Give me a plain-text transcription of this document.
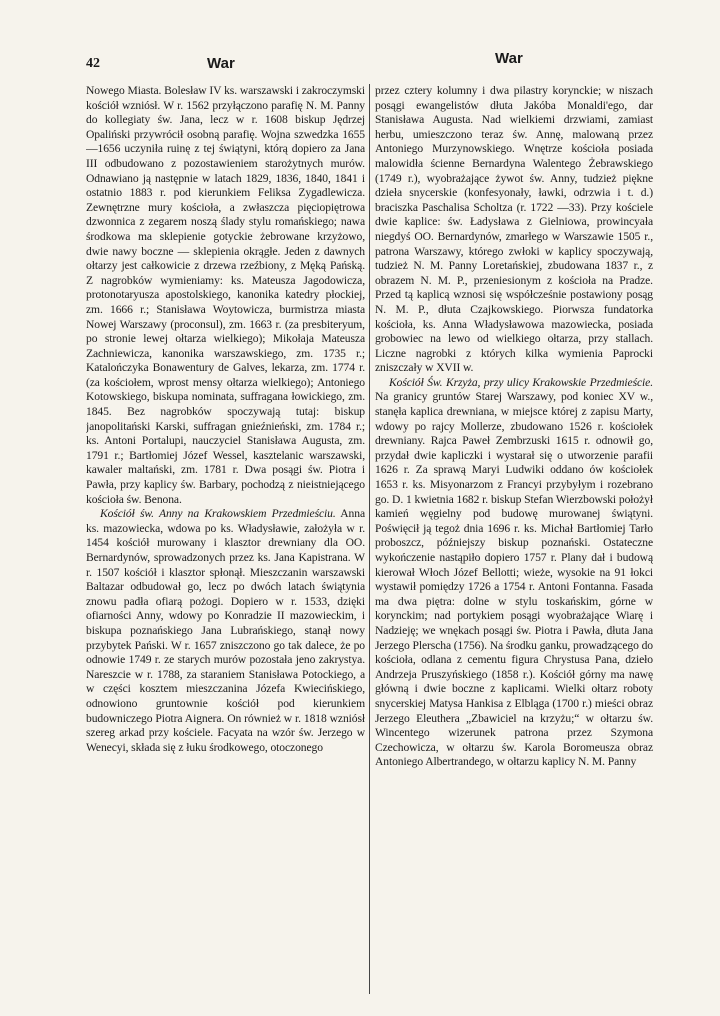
42	War	War

Nowego Miasta. Bolesław IV ks. warszawski i zakroczymski kościół wzniósł. W r. 1562 przyłączono parafię N. M. Panny do kollegiaty św. Jana, lecz w r. 1608 biskup Jędrzej Opaliński przywrócił osobną parafię. Wojna szwedzka 1655—1656 uczyniła ruinę z tej świątyni, którą dopiero za Jana III odbudowano z pozostawieniem starożytnych murów. Odnawiano ją następnie w latach 1829, 1836, 1840, 1841 i ostatnio 1883 r. pod kierunkiem Feliksa Zygadlewicza. Zewnętrzne mury kościoła, a zwłaszcza pięciopiętrowa dzwonnica z zegarem noszą ślady stylu romańskiego; nawa środkowa ma sklepienie gotyckie żebrowane krzyżowo, dwie nawy boczne — sklepienia okrągłe. Jeden z dawnych ołtarzy jest całkowicie z drzewa rzeźbiony, z Męką Pańską. Z nagrobków wymieniamy: ks. Mateusza Jagodowicza, protonotaryusza apostolskiego, kanonika katedry płockiej, zm. 1666 r.; Stanisława Woytowicza, burmistrza miasta Nowej Warszawy (proconsul), zm. 1663 r. (za presbiteryum, po stronie lewej ołtarza wielkiego); Mikołaja Mateusza Zachniewicza, kanonika warszawskiego, zm. 1735 r.; Katalończyka Bonawentury de Galves, lekarza, zm. 1774 r. (za kościołem, wprost mensy ołtarza wielkiego); Antoniego Kotowskiego, biskupa nominata, suffragana łowickiego, zm. 1845. Bez nagrobków spoczywają tutaj: biskup janopolitański Karski, suffragan gnieźnieński, zm. 1784 r.; ks. Antoni Portalupi, nauczyciel Stanisława Augusta, zm. 1791 r.; Bartłomiej Józef Wessel, kasztelanic warszawski, kawaler maltański, zm. 1781 r. Dwa posągi św. Piotra i Pawła, przy kaplicy św. Barbary, pochodzą z nieistniejącego kościoła św. Benona.

Kościół św. Anny na Krakowskiem Przedmieściu. Anna ks. mazowiecka, wdowa po ks. Władysławie, założyła w r. 1454 kościół murowany i klasztor drewniany dla OO. Bernardynów, sprowadzonych przez ks. Jana Kapistrana. W r. 1507 kościół i klasztor spłonął. Mieszczanin warszawski Baltazar odbudował go, lecz po dwóch latach świątynia znowu padła ofiarą pożogi. Dopiero w r. 1533, dzięki ofiarności Anny, wdowy po Konradzie II mazowieckim, i biskupa poznańskiego Jana Lubrańskiego, stanął nowy przybytek Pański. W r. 1657 zniszczono go tak dalece, że po odnowie 1749 r. ze starych murów pozostała jeno zakrystya. Nareszcie w r. 1788, za staraniem Stanisława Potockiego, a w części kosztem mieszczanina Józefa Kwiecińskiego, odnowiono gruntownie kościół pod kierunkiem budowniczego Piotra Aignera. On również w r. 1818 wzniósł szereg arkad przy kościele. Facyata na wzór św. Jerzego w Wenecyi, składa się z łuku środkowego, otoczonego

przez cztery kolumny i dwa pilastry korynckie; w niszach posągi ewangelistów dłuta Jakóba Monaldi'ego, dar Stanisława Augusta. Nad wielkiemi drzwiami, zamiast herbu, umieszczono teraz św. Annę, malowaną przez Antoniego Murzynowskiego. Wnętrze kościoła posiada malowidła ścienne Bernardyna Walentego Żebrawskiego (1749 r.), wyobrażające żywot św. Anny, tudzież piękne dzieła snycerskie (konfesyonały, ławki, odrzwia i t. d.) braciszka Paschalisa Scholtza (r. 1722 —33). Przy kościele dwie kaplice: św. Ładysława z Gielniowa, prowincyała niegdyś OO. Bernardynów, zmarłego w Warszawie 1505 r., patrona Warszawy, którego zwłoki w kaplicy spoczywają, tudzież N. M. Panny Loretańskiej, zbudowana 1837 r., z obrazem N. M. P., przeniesionym z kościoła na Pradze. Przed tą kaplicą wznosi się współcześnie postawiony posąg N. M. P., dłuta Czajkowskiego. Piorwsza fundatorka kościoła, ks. Anna Władysławowa mazowiecka, posiada grobowiec na lewo od wielkiego ołtarza, przy stallach. Liczne nagrobki z których kilka wymienia Paprocki zniszczały w XVII w.

Kościół Św. Krzyża, przy ulicy Krakowskie Przedmieście. Na granicy gruntów Starej Warszawy, pod koniec XV w., stanęła kaplica drewniana, w miejsce której z zapisu Marty, wdowy po rajcy Mollerze, zbudowano 1526 r. kościołek drewniany. Rajca Paweł Zembrzuski 1615 r. odnowił go, przydał dwie kapliczki i wystarał się o utworzenie parafii 1626 r. Za sprawą Maryi Ludwiki oddano ów kościołek 1653 r. ks. Misyonarzom z Francyi przybyłym i rozebrano go. D. 1 kwietnia 1682 r. biskup Stefan Wierzbowski położył kamień węgielny pod budowę murowanej świątyni. Poświęcił ją tegoż dnia 1696 r. ks. Michał Bartłomiej Tarło proboszcz, późniejszy biskup poznański. Ostateczne wykończenie nastąpiło dopiero 1757 r. Plany dał i budową kierował Włoch Józef Bellotti; wieże, wysokie na 91 łokci wystawił pomiędzy 1726 a 1754 r. Antoni Fontanna. Fasada ma dwa piętra: dolne w stylu toskańskim, górne w korynckim; nad portykiem posągi wyobrażające Wiarę i Nadzieję; we wnękach posągi św. Piotra i Pawła, dłuta Jana Jerzego Plerscha (1756). Na środku ganku, prowadzącego do kościoła, odlana z cementu figura Chrystusa Pana, dzieło Andrzeja Pruszyńskiego (1858 r.). Kościół górny ma nawę główną i dwie boczne z kaplicami. Wielki ołtarz roboty snycerskiej Matysa Hankisa z Elbląga (1700 r.) mieści obraz Jerzego Eleuthera „Zbawiciel na krzyżu;“ w ołtarzu św. Wincentego wizerunek patrona przez Szymona Czechowicza, w ołtarzu św. Karola Boromeusza obraz Antoniego Albertrandego, w ołtarzu kaplicy N. M. Panny
